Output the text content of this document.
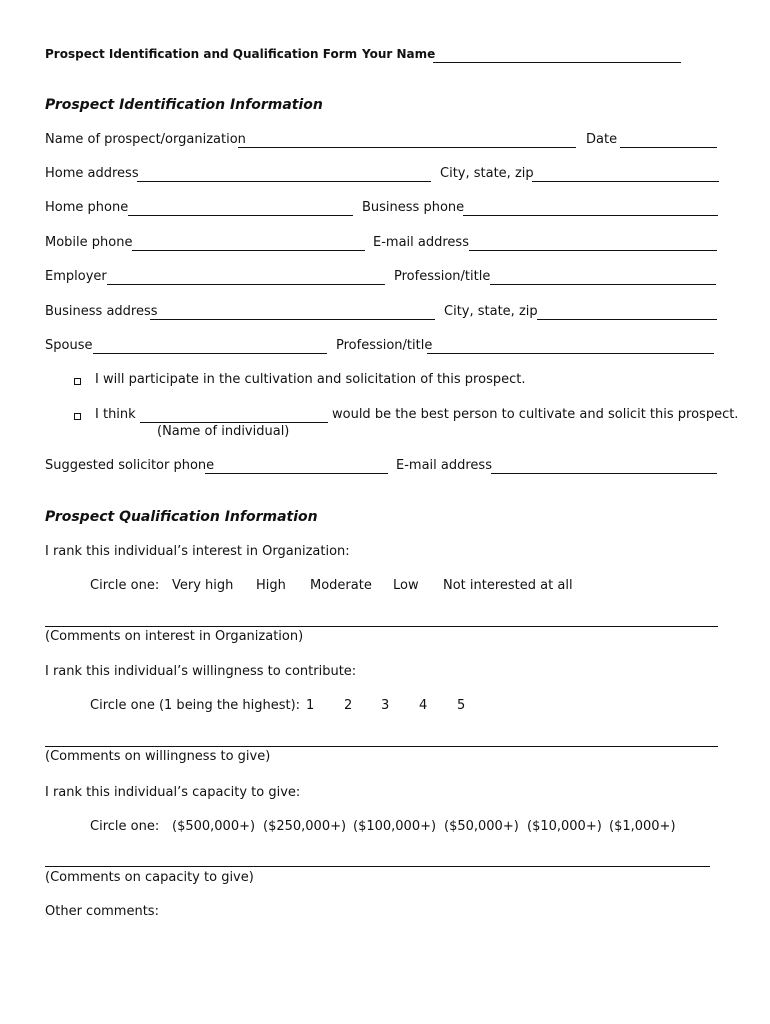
Prospect Identification and Qualification Form Your Name
Prospect Identification Information
Name of prospect/organization	Date
Home address	City, state, zip
Home phone	Business phone
Mobile phone	E-mail address
Employer	Profession/title
Business address	City, state, zip
Spouse	Profession/title
I will participate in the cultivation and solicitation of this prospect.
I think	would be the best person to cultivate and solicit this prospect.
(Name of individual)
Suggested solicitor phone	E-mail address
Prospect Qualification Information
I rank this individual’s interest in Organization:
Circle one: Very high High Moderate Low Not interested at all
(Comments on interest in Organization)
I rank this individual’s willingness to contribute:
Circle one (1 being the highest): 1 2 3 4 5
(Comments on willingness to give)
I rank this individual’s capacity to give:
Circle one: ($500,000+) ($250,000+) ($100,000+) ($50,000+) ($10,000+) ($1,000+)
(Comments on capacity to give)
Other comments:
